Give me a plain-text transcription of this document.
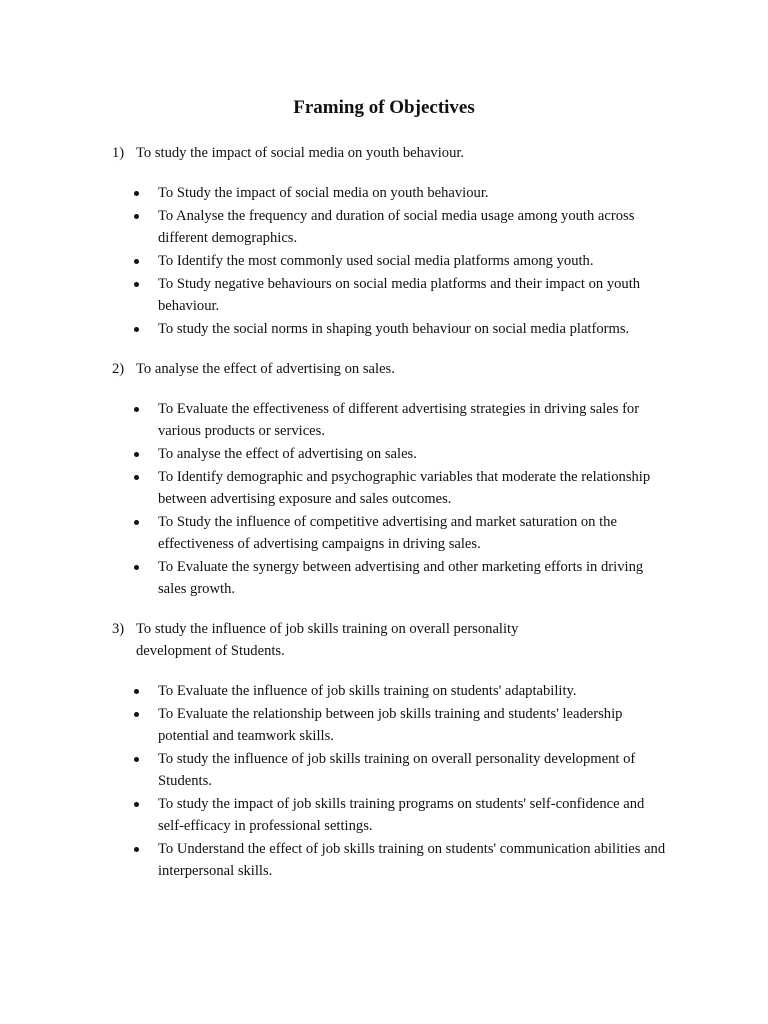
Framing of Objectives
1) To study the impact of social media on youth behaviour.
To Study the impact of social media on youth behaviour.
To Analyse the frequency and duration of social media usage among youth across different demographics.
To Identify the most commonly used social media platforms among youth.
To Study negative behaviours on social media platforms and their impact on youth behaviour.
To study the social norms in shaping youth behaviour on social media platforms.
2) To analyse the effect of advertising on sales.
To Evaluate the effectiveness of different advertising strategies in driving sales for various products or services.
To analyse the effect of advertising on sales.
To Identify demographic and psychographic variables that moderate the relationship between advertising exposure and sales outcomes.
To Study the influence of competitive advertising and market saturation on the effectiveness of advertising campaigns in driving sales.
To Evaluate the synergy between advertising and other marketing efforts in driving sales growth.
3) To study the influence of job skills training on overall personality development of Students.
To Evaluate the influence of job skills training on students' adaptability.
To Evaluate the relationship between job skills training and students' leadership potential and teamwork skills.
To study the influence of job skills training on overall personality development of Students.
To study the impact of job skills training programs on students' self-confidence and self-efficacy in professional settings.
To Understand the effect of job skills training on students' communication abilities and interpersonal skills.
